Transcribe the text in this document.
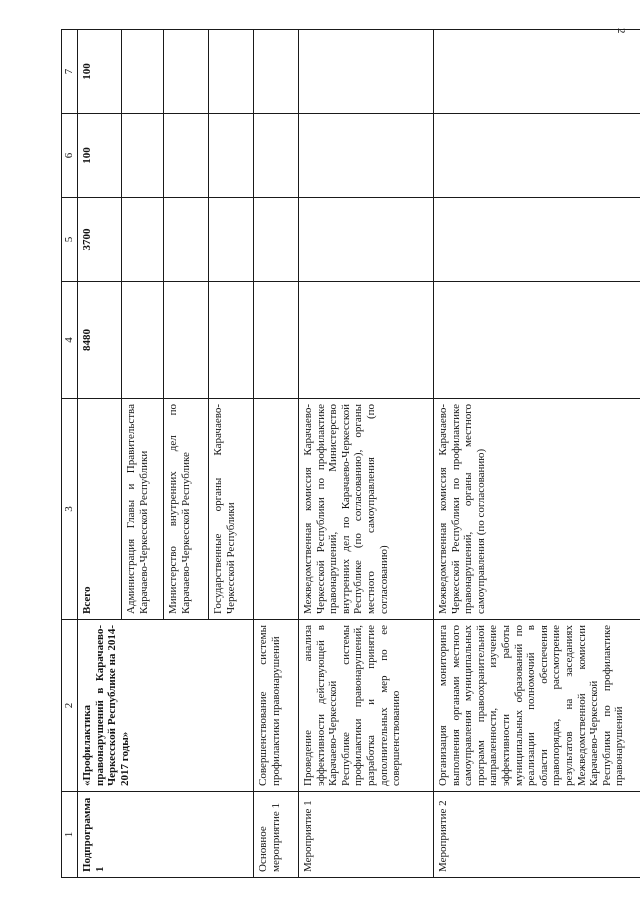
2
1	2	3	4	5	6	7
Подпрограмма 1	«Профилактика правонарушений в Карачаево-Черкесской Республике на 2014-2017 годы»	Всего	8480	3700	100	100
		Администрация Главы и Правительства Карачаево-Черкесской Республики				
		Министерство внутренних дел по Карачаево-Черкесской Республике				
		Государственные органы Карачаево-Черкесской Республики				
Основное мероприятие 1	Совершенствование системы профилактики правонарушений					
Мероприятие 1	Проведение анализа эффективности действующей в Карачаево-Черкесской Республике системы профилактики правонарушений, разработка и принятие дополнительных мер по ее совершенствованию	Межведомственная комиссия Карачаево-Черкесской Республики по профилактике правонарушений, Министерство внутренних дел по Карачаево-Черкесской Республике (по согласованию), органы местного самоуправления (по согласованию)				
Мероприятие 2	Организация мониторинга выполнения органами местного самоуправления муниципальных программ правоохранительной направленности, изучение эффективности работы муниципальных образований по реализации полномочий в области обеспечения правопорядка, рассмотрение результатов на заседаниях Межведомственной комиссии Карачаево-Черкесской Республики по профилактике правонарушений	Межведомственная комиссия Карачаево-Черкесской Республики по профилактике правонарушений, органы местного самоуправления (по согласованию)				
